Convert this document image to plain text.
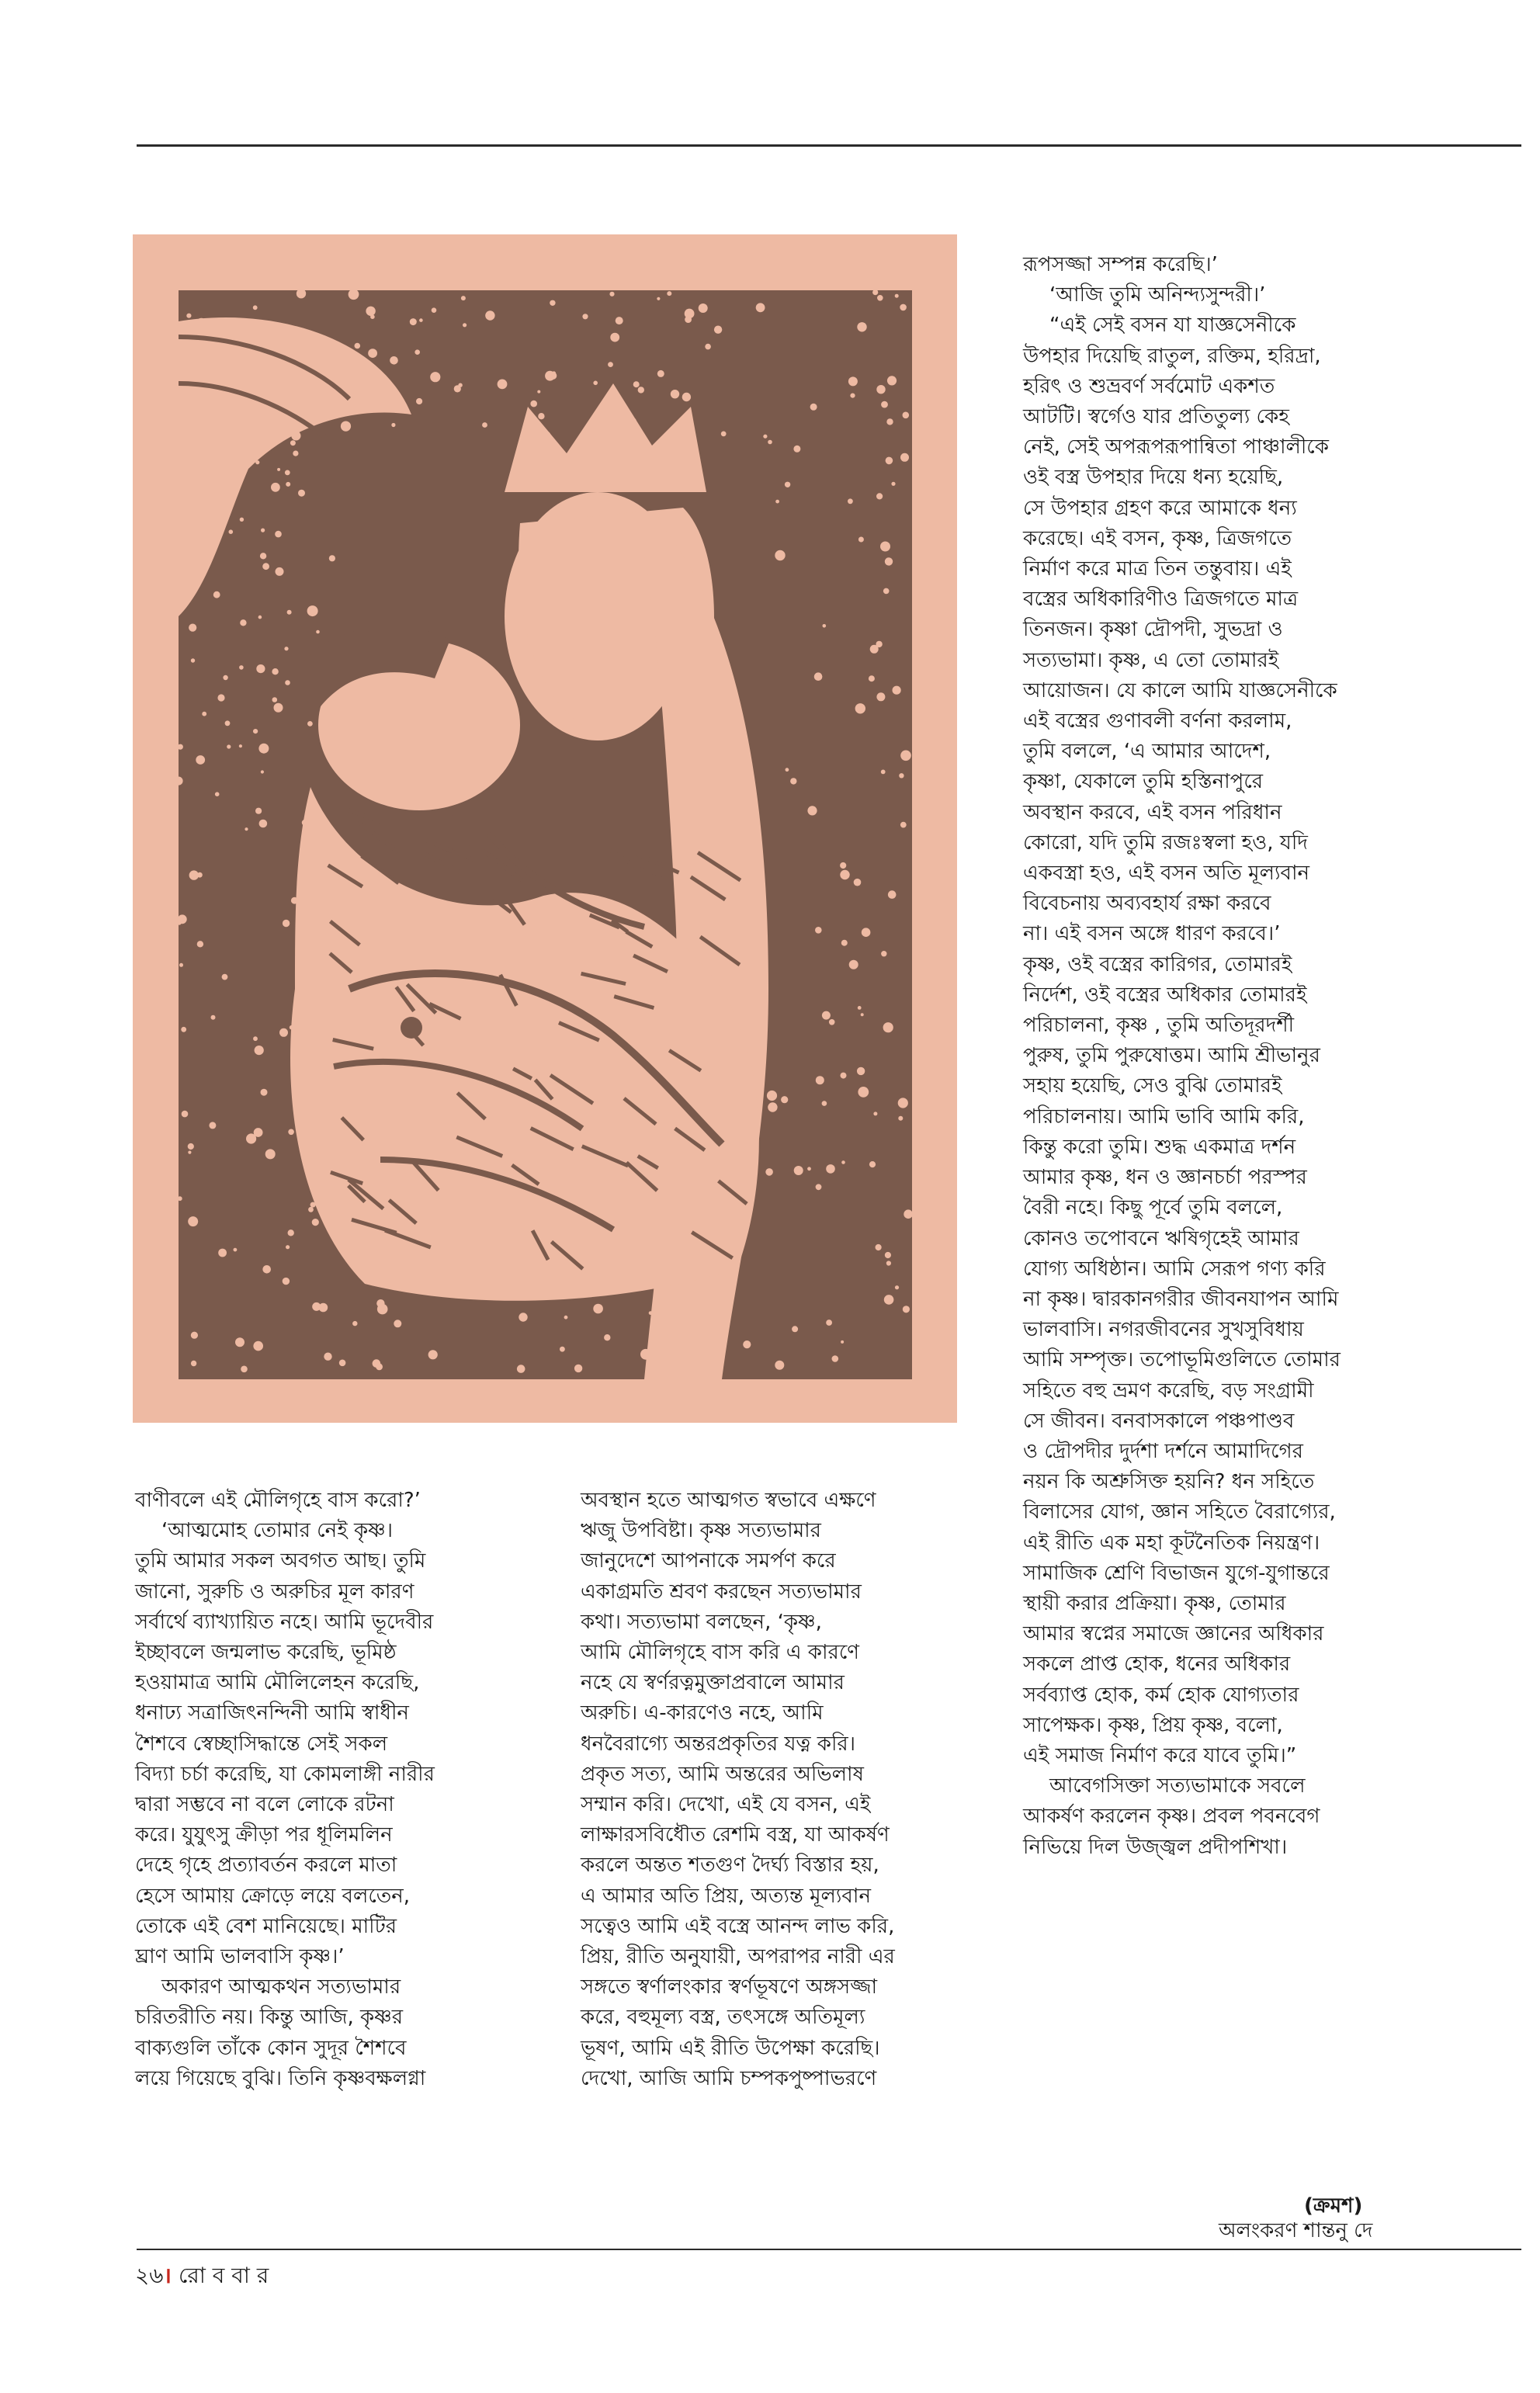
বাণীবলে এই মৌলিগৃহে বাস করো?’

‘আত্মমোহ তোমার নেই কৃষ্ণ।

তুমি আমার সকল অবগত আছ। তুমি

জানো, সুরুচি ও অরুচির মূল কারণ

সর্বার্থে ব্যাখ্যায়িত নহে। আমি ভূদেবীর

ইচ্ছাবলে জন্মলাভ করেছি, ভূমিষ্ঠ

হওয়ামাত্র আমি মৌলিলেহন করেছি,

ধনাঢ্য সত্রাজিৎনন্দিনী আমি স্বাধীন

শৈশবে স্বেচ্ছাসিদ্ধান্তে সেই সকল

বিদ্যা চর্চা করেছি, যা কোমলাঙ্গী নারীর

দ্বারা সম্ভবে না বলে লোকে রটনা

করে। যুযুৎসু ক্রীড়া পর ধূলিমলিন

দেহে গৃহে প্রত্যাবর্তন করলে মাতা

হেসে আমায় ক্রোড়ে লয়ে বলতেন,

তোকে এই বেশ মানিয়েছে। মাটির

ঘ্রাণ আমি ভালবাসি কৃষ্ণ।’

অকারণ আত্মকথন সত্যভামার

চরিতরীতি নয়। কিন্তু আজি, কৃষ্ণর

বাক্যগুলি তাঁকে কোন সুদূর শৈশবে

লয়ে গিয়েছে বুঝি। তিনি কৃষ্ণবক্ষলগ্না

অবস্থান হতে আত্মগত স্বভাবে এক্ষণে

ঋজু উপবিষ্টা। কৃষ্ণ সত্যভামার

জানুদেশে আপনাকে সমর্পণ করে

একাগ্রমতি শ্রবণ করছেন সত্যভামার

কথা। সত্যভামা বলছেন, ‘কৃষ্ণ,

আমি মৌলিগৃহে বাস করি এ কারণে

নহে যে স্বর্ণরত্নমুক্তাপ্রবালে আমার

অরুচি। এ-কারণেও নহে, আমি

ধনবৈরাগ্যে অন্তরপ্রকৃতির যত্ন করি।

প্রকৃত সত্য, আমি অন্তরের অভিলাষ

সম্মান করি। দেখো, এই যে বসন, এই

লাক্ষারসবিধৌত রেশমি বস্ত্র, যা আকর্ষণ

করলে অন্তত শতগুণ দৈর্ঘ্য বিস্তার হয়,

এ আমার অতি প্রিয়, অত্যন্ত মূল্যবান

সত্বেও আমি এই বস্ত্রে আনন্দ লাভ করি,

প্রিয়, রীতি অনুযায়ী, অপরাপর নারী এর

সঙ্গতে স্বর্ণালংকার স্বর্ণভূষণে অঙ্গসজ্জা

করে, বহুমূল্য বস্ত্র, তৎসঙ্গে অতিমূল্য

ভূষণ, আমি এই রীতি উপেক্ষা করেছি।

দেখো, আজি আমি চম্পকপুষ্পাভরণে

রূপসজ্জা সম্পন্ন করেছি।’

‘আজি তুমি অনিন্দ্যসুন্দরী।’

“এই সেই বসন যা যাজ্ঞসেনীকে

উপহার দিয়েছি রাতুল, রক্তিম, হরিদ্রা,

হরিৎ ও শুভ্রবর্ণ সর্বমোট একশত

আটটি। স্বর্গেও যার প্রতিতুল্য কেহ

নেই, সেই অপরূপরূপান্বিতা পাঞ্চালীকে

ওই বস্ত্র উপহার দিয়ে ধন্য হয়েছি,

সে উপহার গ্রহণ করে আমাকে ধন্য

করেছে। এই বসন, কৃষ্ণ, ত্রিজগতে

নির্মাণ করে মাত্র তিন তন্তুবায়। এই

বস্ত্রের অধিকারিণীও ত্রিজগতে মাত্র

তিনজন। কৃষ্ণা দ্রৌপদী, সুভদ্রা ও

সত্যভামা। কৃষ্ণ, এ তো তোমারই

আয়োজন। যে কালে আমি যাজ্ঞসেনীকে

এই বস্ত্রের গুণাবলী বর্ণনা করলাম,

তুমি বললে, ‘এ আমার আদেশ,

কৃষ্ণা, যেকালে তুমি হস্তিনাপুরে

অবস্থান করবে, এই বসন পরিধান

কোরো, যদি তুমি রজঃস্বলা হও, যদি

একবস্ত্রা হও, এই বসন অতি মূল্যবান

বিবেচনায় অব্যবহার্য রক্ষা করবে

না। এই বসন অঙ্গে ধারণ করবে।’

কৃষ্ণ, ওই বস্ত্রের কারিগর, তোমারই

নির্দেশ, ওই বস্ত্রের অধিকার তোমারই

পরিচালনা, কৃষ্ণ , তুমি অতিদূরদর্শী

পুরুষ, তুমি পুরুষোত্তম। আমি শ্রীভানুর

সহায় হয়েছি, সেও বুঝি তোমারই

পরিচালনায়। আমি ভাবি আমি করি,

কিন্তু করো তুমি। শুদ্ধ একমাত্র দর্শন

আমার কৃষ্ণ, ধন ও জ্ঞানচর্চা পরস্পর

বৈরী নহে। কিছু পূর্বে তুমি বললে,

কোনও তপোবনে ঋষিগৃহেই আমার

যোগ্য অধিষ্ঠান। আমি সেরূপ গণ্য করি

না কৃষ্ণ। দ্বারকানগরীর জীবনযাপন আমি

ভালবাসি। নগরজীবনের সুখসুবিধায়

আমি সম্পৃক্ত। তপোভূমিগুলিতে তোমার

সহিতে বহু ভ্রমণ করেছি, বড় সংগ্রামী

সে জীবন। বনবাসকালে পঞ্চপাণ্ডব

ও দ্রৌপদীর দুর্দশা দর্শনে আমাদিগের

নয়ন কি অশ্রুসিক্ত হয়নি? ধন সহিতে

বিলাসের যোগ, জ্ঞান সহিতে বৈরাগ্যের,

এই রীতি এক মহা কূটনৈতিক নিয়ন্ত্রণ।

সামাজিক শ্রেণি বিভাজন যুগে-যুগান্তরে

স্থায়ী করার প্রক্রিয়া। কৃষ্ণ, তোমার

আমার স্বপ্নের সমাজে জ্ঞানের অধিকার

সকলে প্রাপ্ত হোক, ধনের অধিকার

সর্বব্যাপ্ত হোক, কর্ম হোক যোগ্যতার

সাপেক্ষক। কৃষ্ণ, প্রিয় কৃষ্ণ, বলো,

এই সমাজ নির্মাণ করে যাবে তুমি।”

আবেগসিক্তা সত্যভামাকে সবলে

আকর্ষণ করলেন কৃষ্ণ। প্রবল পবনবেগ

নিভিয়ে দিল উজ্জ্বল প্রদীপশিখা।

(ক্রমশ)
অলংকরণ শান্তনু দে
২৬। রো ব বা র
